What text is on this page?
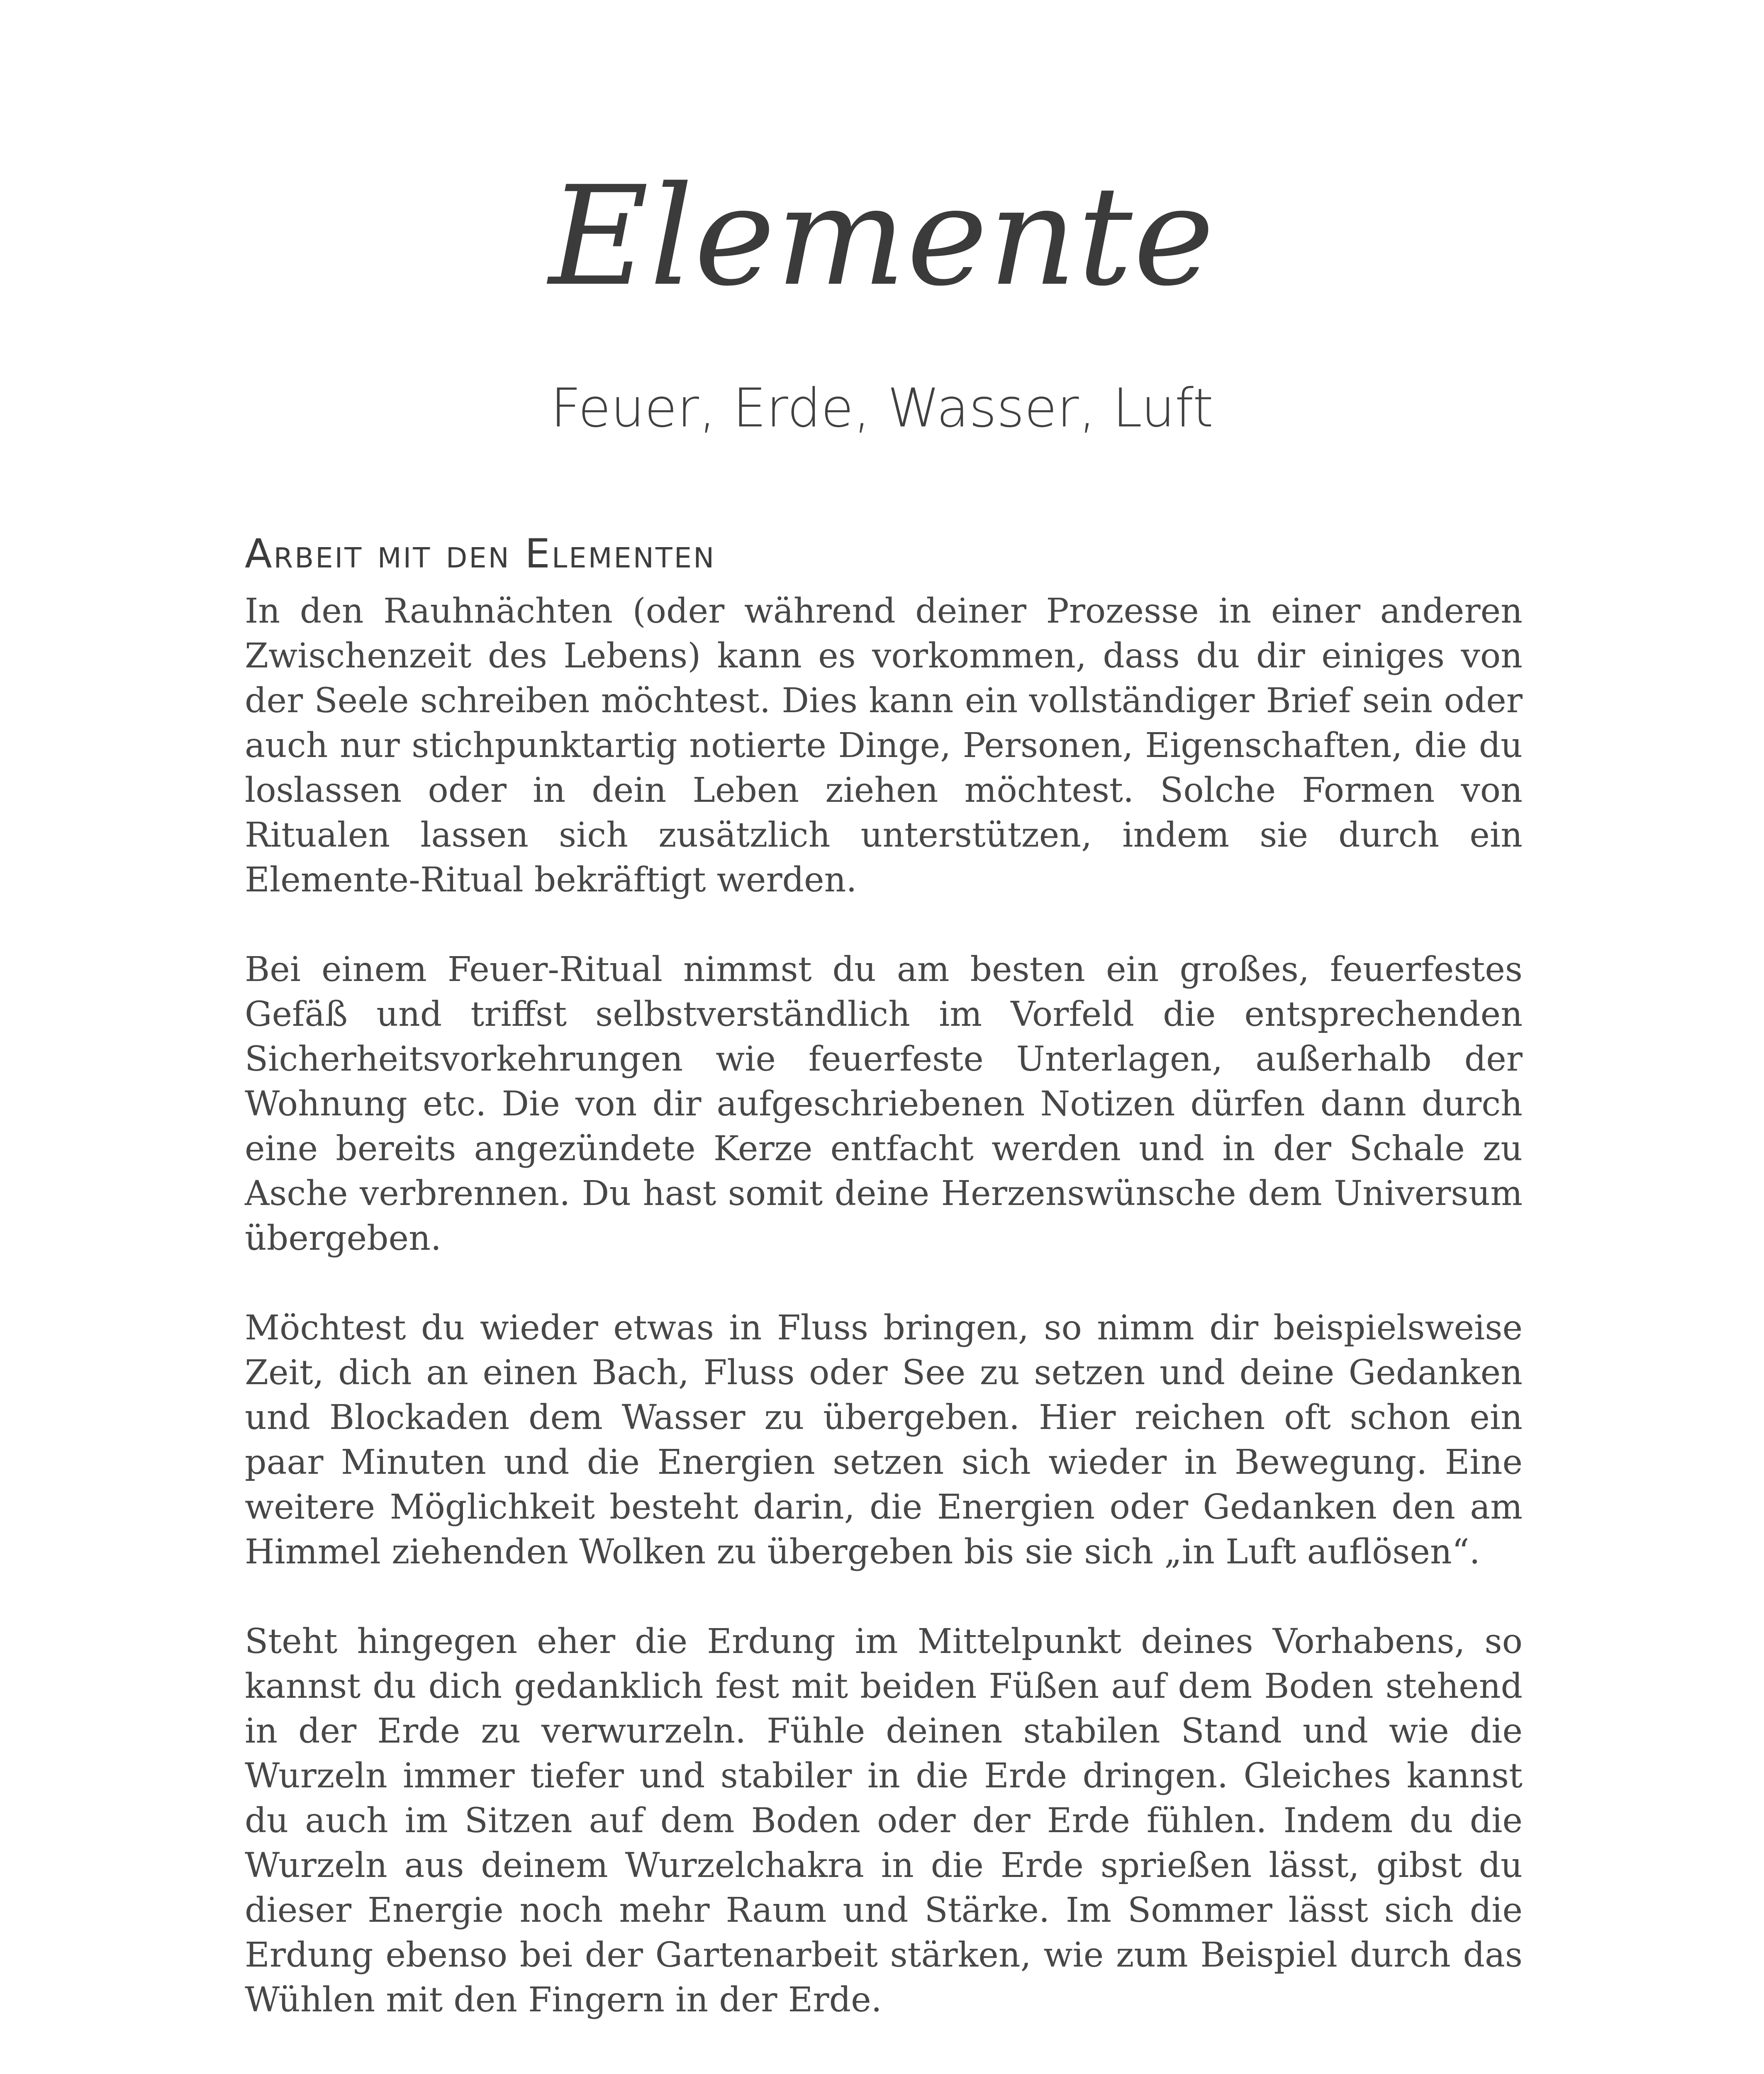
Elemente
Feuer, Erde, Wasser, Luft
Arbeit mit den Elementen

In den Rauhnächten (oder während deiner Prozesse in einer anderen Zwischenzeit des Lebens) kann es vorkommen, dass du dir einiges von der Seele schreiben möchtest. Dies kann ein vollständiger Brief sein oder auch nur stichpunktartig notierte Dinge, Personen, Eigenschaften, die du loslassen oder in dein Leben ziehen möchtest. Solche Formen von Ritualen lassen sich zusätzlich unterstützen, indem sie durch ein Elemente-Ritual bekräftigt werden.

Bei einem Feuer-Ritual nimmst du am besten ein großes, feuerfestes Gefäß und triffst selbstverständlich im Vorfeld die entsprechenden Sicherheitsvorkehrungen wie feuerfeste Unterlagen, außerhalb der Wohnung etc. Die von dir aufgeschriebenen Notizen dürfen dann durch eine bereits angezündete Kerze entfacht werden und in der Schale zu Asche verbrennen. Du hast somit deine Herzenswünsche dem Universum übergeben.

Möchtest du wieder etwas in Fluss bringen, so nimm dir beispielsweise Zeit, dich an einen Bach, Fluss oder See zu setzen und deine Gedanken und Blockaden dem Wasser zu übergeben. Hier reichen oft schon ein paar Minuten und die Energien setzen sich wieder in Bewegung. Eine weitere Möglichkeit besteht darin, die Energien oder Gedanken den am Himmel ziehenden Wolken zu übergeben bis sie sich „in Luft auflösen“.

Steht hingegen eher die Erdung im Mittelpunkt deines Vorhabens, so kannst du dich gedanklich fest mit beiden Füßen auf dem Boden stehend in der Erde zu verwurzeln. Fühle deinen stabilen Stand und wie die Wurzeln immer tiefer und stabiler in die Erde dringen. Gleiches kannst du auch im Sitzen auf dem Boden oder der Erde fühlen. Indem du die Wurzeln aus deinem Wurzelchakra in die Erde sprießen lässt, gibst du dieser Energie noch mehr Raum und Stärke. Im Sommer lässt sich die Erdung ebenso bei der Gartenarbeit stärken, wie zum Beispiel durch das Wühlen mit den Fingern in der Erde.
